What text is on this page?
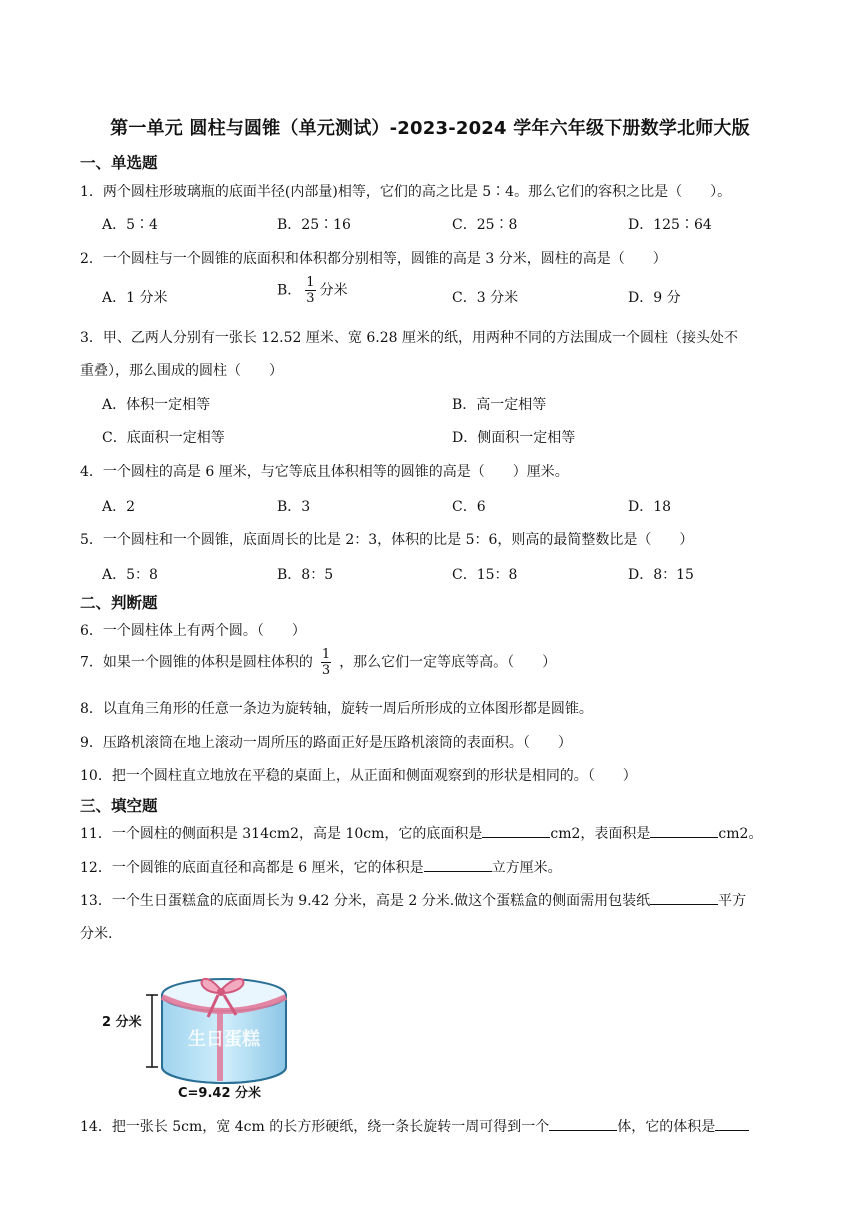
第一单元 圆柱与圆锥（单元测试）-2023-2024 学年六年级下册数学北师大版
一、单选题
1．两个圆柱形玻璃瓶的底面半径(内部量)相等，它们的高之比是 5∶4。那么它们的容积之比是（　　）。
A．5∶4	B．25∶16	C．25∶8	D．125∶64
2．一个圆柱与一个圆锥的底面积和体积都分别相等，圆锥的高是 3 分米，圆柱的高是（　　）
A．1 分米	B． $\frac{1}{3}$ 分米	C．3 分米	D．9 分
3．甲、乙两人分别有一张长 12.52 厘米、宽 6.28 厘米的纸，用两种不同的方法围成一个圆柱（接头处不
重叠），那么围成的圆柱（　　）
A．体积一定相等	B．高一定相等
C．底面积一定相等	D．侧面积一定相等
4．一个圆柱的高是 6 厘米，与它等底且体积相等的圆锥的高是（　　）厘米。
A．2	B．3	C．6	D．18
5．一个圆柱和一个圆锥，底面周长的比是 2：3，体积的比是 5：6，则高的最简整数比是（　　）
A．5：8	B．8：5	C．15：8	D．8：15
二、判断题
6．一个圆柱体上有两个圆。（　　）
7．如果一个圆锥的体积是圆柱体积的 $\frac{1}{3}$ ，那么它们一定等底等高。（　　）
8．以直角三角形的任意一条边为旋转轴，旋转一周后所形成的立体图形都是圆锥。
9．压路机滚筒在地上滚动一周所压的路面正好是压路机滚筒的表面积。（　　）
10．把一个圆柱直立地放在平稳的桌面上，从正面和侧面观察到的形状是相同的。（　　）
三、填空题
11．一个圆柱的侧面积是 314cm2，高是 10cm，它的底面积是	cm2，表面积是	cm2。
12．一个圆锥的底面直径和高都是 6 厘米，它的体积是	立方厘米。
13．一个生日蛋糕盒的底面周长为 9.42 分米，高是 2 分米.做这个蛋糕盒的侧面需用包装纸	平方
分米.
生日蛋糕
2 分米
C=9.42 分米
14．把一张长 5cm，宽 4cm 的长方形硬纸，绕一条长旋转一周可得到一个	体，它的体积是
